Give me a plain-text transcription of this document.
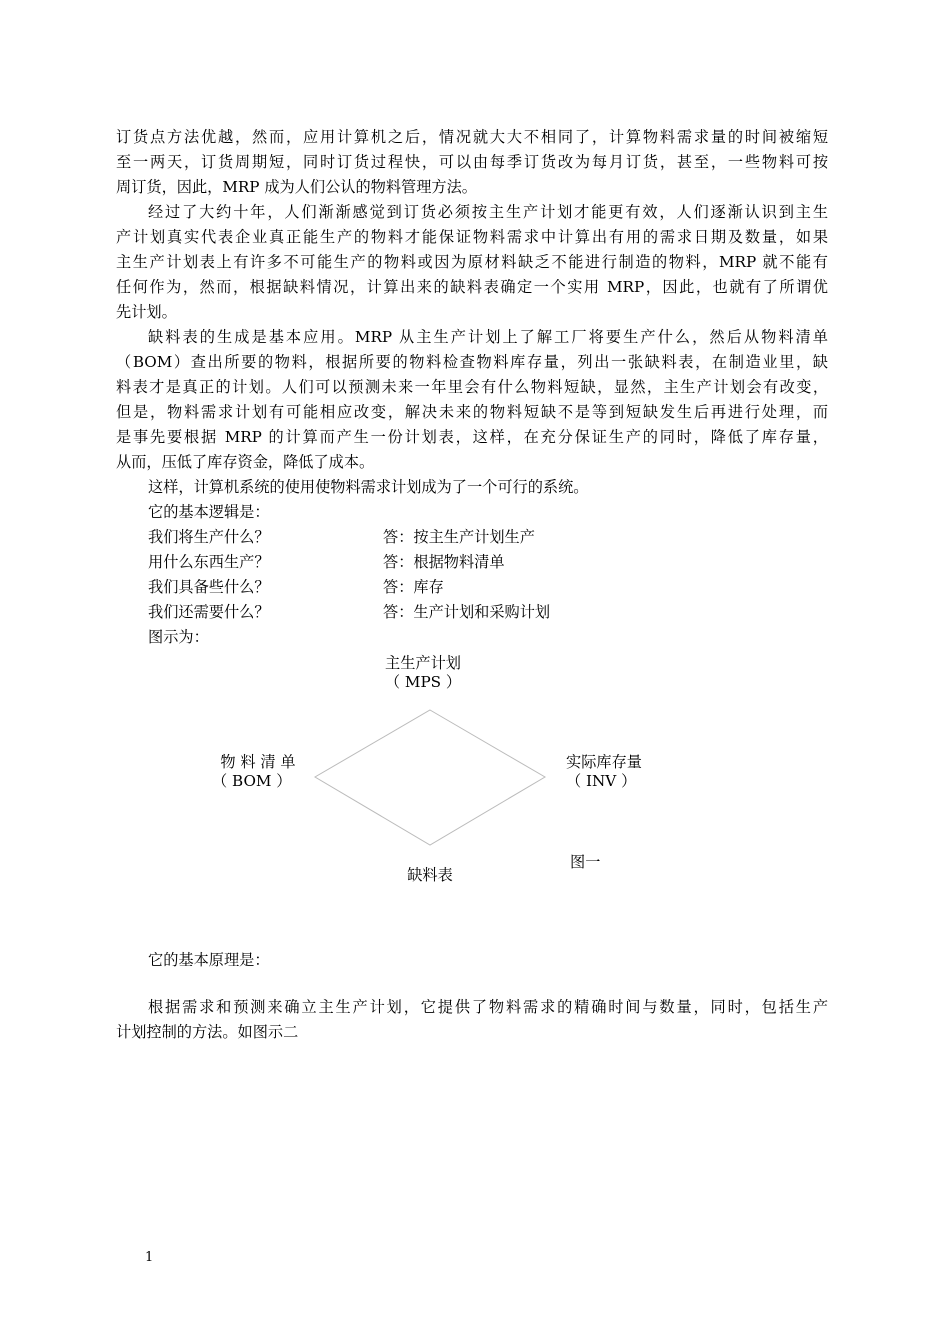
订货点方法优越，然而，应用计算机之后，情况就大大不相同了，计算物料需求量的时间被缩短
至一两天，订货周期短，同时订货过程快，可以由每季订货改为每月订货，甚至，一些物料可按
周订货，因此，MRP 成为人们公认的物料管理方法。
经过了大约十年，人们渐渐感觉到订货必须按主生产计划才能更有效，人们逐渐认识到主生
产计划真实代表企业真正能生产的物料才能保证物料需求中计算出有用的需求日期及数量，如果
主生产计划表上有许多不可能生产的物料或因为原材料缺乏不能进行制造的物料，MRP 就不能有
任何作为，然而，根据缺料情况，计算出来的缺料表确定一个实用 MRP，因此，也就有了所谓优
先计划。
缺料表的生成是基本应用。MRP 从主生产计划上了解工厂将要生产什么，然后从物料清单
（BOM）查出所要的物料，根据所要的物料检查物料库存量，列出一张缺料表，在制造业里，缺
料表才是真正的计划。人们可以预测未来一年里会有什么物料短缺，显然，主生产计划会有改变，
但是，物料需求计划有可能相应改变，解决未来的物料短缺不是等到短缺发生后再进行处理，而
是事先要根据 MRP 的计算而产生一份计划表，这样，在充分保证生产的同时，降低了库存量，
从而，压低了库存资金，降低了成本。
这样，计算机系统的使用使物料需求计划成为了一个可行的系统。
它的基本逻辑是：
我们将生产什么？	答：按主生产计划生产
用什么东西生产？	答：根据物料清单
我们具备些什么？	答：库存
我们还需要什么？	答：生产计划和采购计划
图示为：
主生产计划
（ MPS ）
物 料 清 单
（ BOM ）
实际库存量
（ INV ）
缺料表
图一
它的基本原理是：
根据需求和预测来确立主生产计划，它提供了物料需求的精确时间与数量，同时，包括生产
计划控制的方法。如图示二
1
